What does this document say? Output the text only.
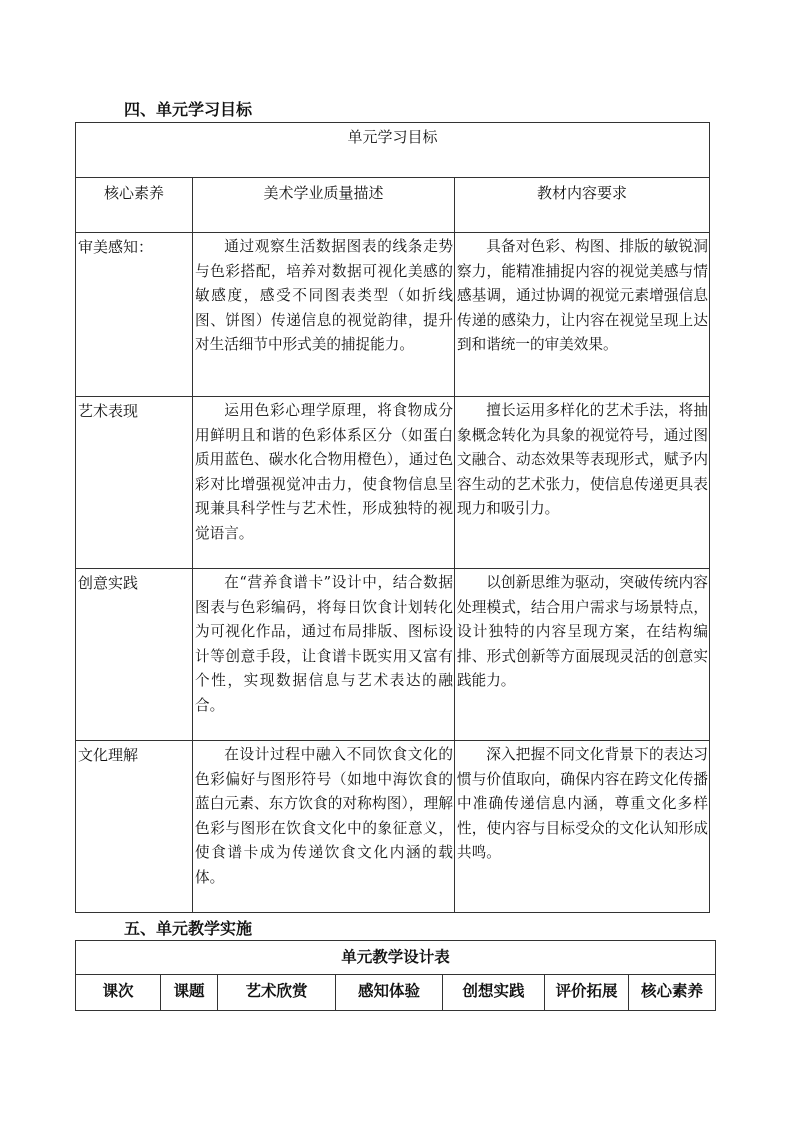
四、单元学习目标
单元学习目标		
核心素养	美术学业质量描述	教材内容要求
审美感知：	通过观察生活数据图表的线条走势与色彩搭配，培养对数据可视化美感的敏感度，感受不同图表类型（如折线图、饼图）传递信息的视觉韵律，提升对生活细节中形式美的捕捉能力。	具备对色彩、构图、排版的敏锐洞察力，能精准捕捉内容的视觉美感与情感基调，通过协调的视觉元素增强信息传递的感染力，让内容在视觉呈现上达到和谐统一的审美效果。
艺术表现	运用色彩心理学原理，将食物成分用鲜明且和谐的色彩体系区分（如蛋白质用蓝色、碳水化合物用橙色），通过色彩对比增强视觉冲击力，使食物信息呈现兼具科学性与艺术性，形成独特的视觉语言。	擅长运用多样化的艺术手法，将抽象概念转化为具象的视觉符号，通过图文融合、动态效果等表现形式，赋予内容生动的艺术张力，使信息传递更具表现力和吸引力。
创意实践	在“营养食谱卡”设计中，结合数据图表与色彩编码，将每日饮食计划转化为可视化作品，通过布局排版、图标设计等创意手段，让食谱卡既实用又富有个性，实现数据信息与艺术表达的融合。	以创新思维为驱动，突破传统内容处理模式，结合用户需求与场景特点，设计独特的内容呈现方案，在结构编排、形式创新等方面展现灵活的创意实践能力。
文化理解	在设计过程中融入不同饮食文化的色彩偏好与图形符号（如地中海饮食的蓝白元素、东方饮食的对称构图），理解色彩与图形在饮食文化中的象征意义，使食谱卡成为传递饮食文化内涵的载体。	深入把握不同文化背景下的表达习惯与价值取向，确保内容在跨文化传播中准确传递信息内涵，尊重文化多样性，使内容与目标受众的文化认知形成共鸣。
五、单元教学实施
单元教学设计表
课次	课题	艺术欣赏	感知体验	创想实践	评价拓展	核心素养
